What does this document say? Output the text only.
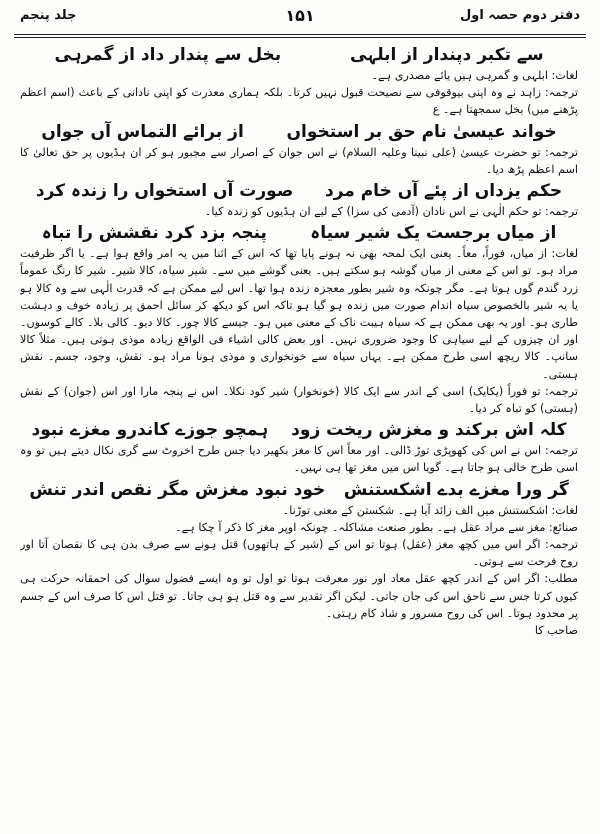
دفتر دوم حصہ اول
۱۵۱
جلد پنجم
سے تکبر دپندار از ابلہی
بخل سے پندار داد از گمرہی

لغات: ابلہی و گمرہی ہیں یائے مصدری ہے۔

ترجمہ: زاہد نے وہ اپنی بیوقوفی سے نصیحت قبول نہیں کرتا۔ بلکہ ہماری معذرت کو اپنی نادانی کے باعث (اسم اعظم پڑھنے میں) بخل سمجھتا ہے۔ ع

خواند عیسیٰ نام حق بر استخواں
از برائے التماس آں جواں

ترجمہ: تو حضرت عیسیٰ (علی نبینا وعلیہ السلام) نے اس جوان کے اصرار سے مجبور ہو کر ان ہڈیوں پر حق تعالیٰ کا اسم اعظم پڑھ دیا۔

حکم یزداں از پئے آں خام مرد
صورت آں استخواں را زندہ کرد

ترجمہ: تو حکم الٰہی نے اس نادان (آدمی کی سزا) کے لیے ان ہڈیوں کو زندہ کیا۔

از میاں برجست یک شیر سیاہ
پنجہ بزد کرد نقشش را تباہ

لغات: از میاں، فوراً، معاً۔ یعنی ایک لمحہ بھی نہ ہونے پایا تھا کہ اس کے اثنا میں یہ امر واقع ہوا ہے۔ یا اگر ظرفیت مراد ہو۔ تو اس کے معنی از میاں گوشہ ہو سکتے ہیں۔ یعنی گوشے میں سے۔ شیر سیاہ، کالا شیر۔ شیر کا رنگ عموماً زرد گندم گوں ہوتا ہے۔ مگر چونکہ وہ شیر بطور معجزہ زندہ ہوا تھا۔ اس لیے ممکن ہے کہ قدرت الٰہی سے وہ کالا ہو یا یہ شیر بالخصوص سیاہ اندام صورت میں زندہ ہو گیا ہو تاکہ اس کو دیکھ کر سائل احمق پر زیادہ خوف و دہشت طاری ہو۔ اور یہ بھی ممکن ہے کہ سیاہ ہیبت ناک کے معنی میں ہو۔ جیسے کالا چور۔ کالا دیو۔ کالی بلا۔ کالے کوسوں۔ اور ان چیزوں کے لیے سیاہی کا وجود ضروری نہیں۔ اور بعض کالی اشیاء فی الواقع زیادہ موذی ہوتی ہیں۔ مثلاً کالا سانپ۔ کالا ریچھ اسی طرح ممکن ہے۔ یہاں سیاہ سے خونخواری و موذی ہونا مراد ہو۔ نقش، وجود، جسم۔ نقش ہستی۔

ترجمہ: تو فوراً (یکایک) اسی کے اندر سے ایک کالا (خونخوار) شیر کود نکلا۔ اس نے پنجہ مارا اور اس (جوان) کے نقش (ہستی) کو تباہ کر دیا۔

کلہ اش برکند و مغزش ریخت زود
ہمچو جوزے کاندرو مغزے نبود

ترجمہ: اس نے اس کی کھوپڑی توڑ ڈالی۔ اور معاً اس کا مغز بکھیر دیا جس طرح اخروٹ سے گری نکال دیتے ہیں تو وہ اسی طرح خالی ہو جاتا ہے۔ گویا اس میں مغز تھا ہی نہیں۔

گر ورا مغزے بدے اشکستنش
خود نبود مغزش مگر نقص اندر تنش

لغات: اشکستنش میں الف زائد آیا ہے۔ شکستن کے معنی توڑنا۔

صنائع: مغز سے مراد عقل ہے۔ بطور صنعت مشاکلہ۔ چونکہ اوپر مغز کا ذکر آ چکا ہے۔

ترجمہ: اگر اس میں کچھ مغز (عقل) ہوتا تو اس کے (شیر کے ہاتھوں) قتل ہونے سے صرف بدن ہی کا نقصان آتا اور روح فرحت سے ہوتی۔

مطلب: اگر اس کے اندر کچھ عقل معاد اور نور معرفت ہوتا تو اول تو وہ ایسے فضول سوال کی احمقانہ حرکت ہی کیوں کرتا جس سے ناحق اس کی جان جاتی۔ لیکن اگر تقدیر سے وہ قتل ہو ہی جاتا۔ تو قتل اس کا صرف اس کے جسم پر محدود ہوتا۔ اس کی روح مسرور و شاد کام رہتی۔

صاحب کا
